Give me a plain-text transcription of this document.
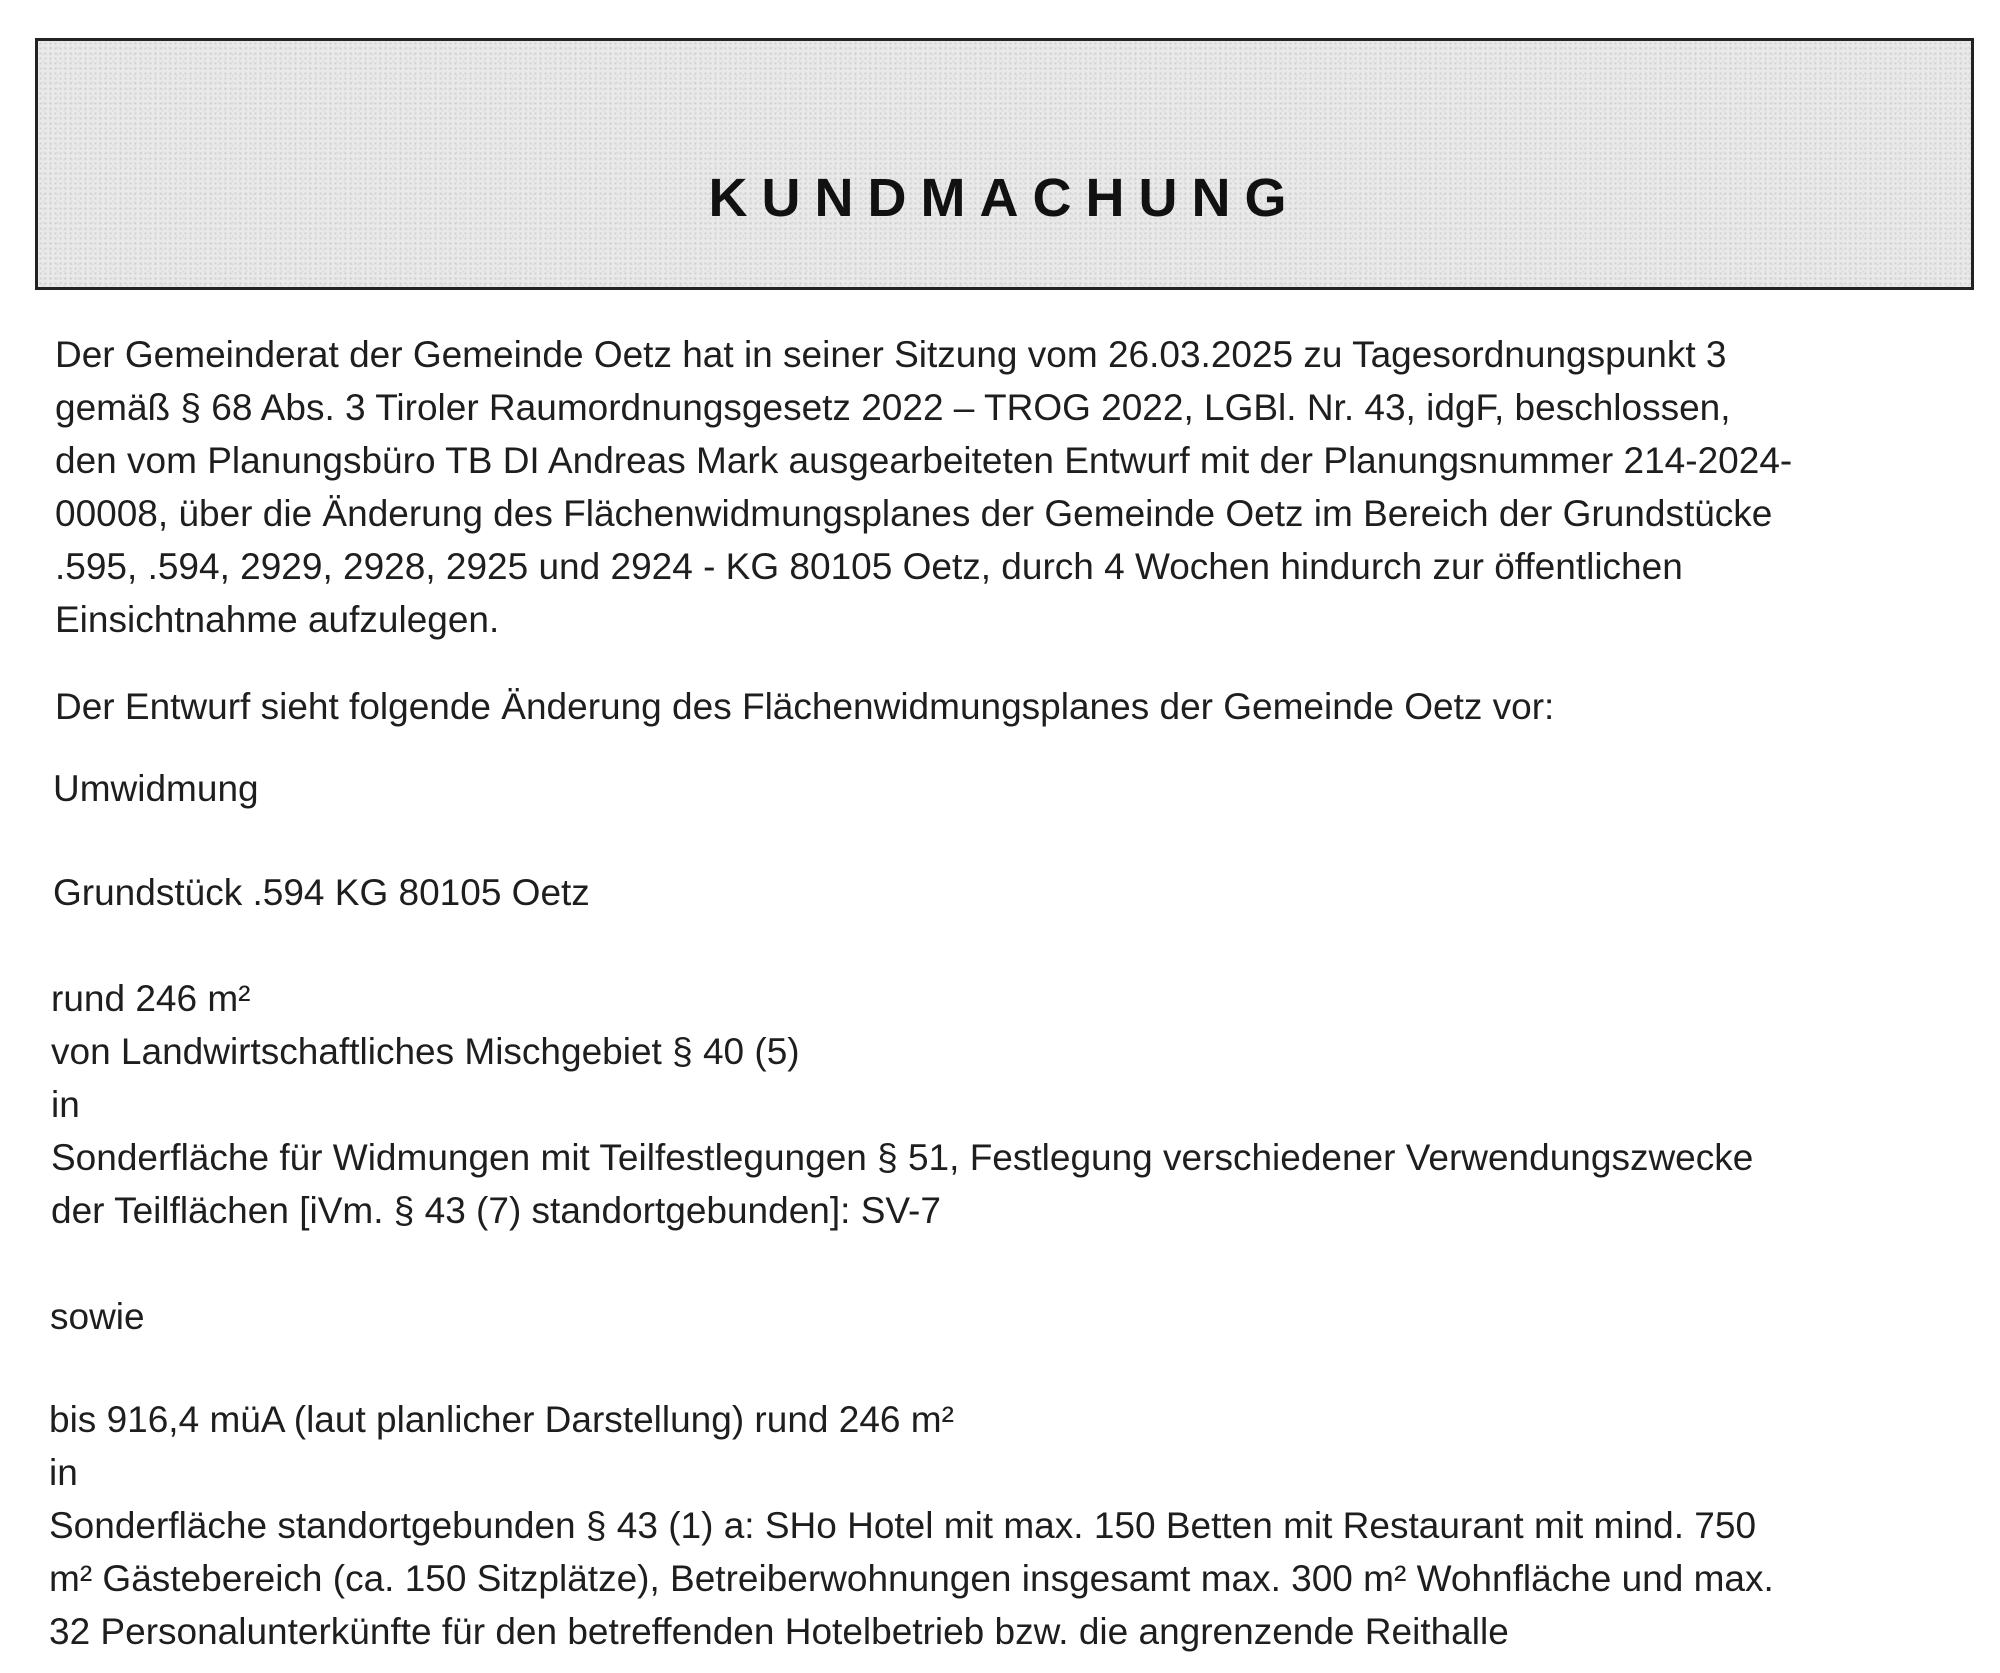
KUNDMACHUNG
Der Gemeinderat der Gemeinde Oetz hat in seiner Sitzung vom 26.03.2025 zu Tagesordnungspunkt 3
gemäß § 68 Abs. 3 Tiroler Raumordnungsgesetz 2022 – TROG 2022, LGBl. Nr. 43, idgF, beschlossen,
den vom Planungsbüro TB DI Andreas Mark ausgearbeiteten Entwurf mit der Planungsnummer 214-2024-
00008, über die Änderung des Flächenwidmungsplanes der Gemeinde Oetz im Bereich der Grundstücke
.595, .594, 2929, 2928, 2925 und 2924 - KG 80105 Oetz, durch 4 Wochen hindurch zur öffentlichen
Einsichtnahme aufzulegen.
Der Entwurf sieht folgende Änderung des Flächenwidmungsplanes der Gemeinde Oetz vor:
Umwidmung
Grundstück .594 KG 80105 Oetz
rund 246 m²
von Landwirtschaftliches Mischgebiet § 40 (5)
in
Sonderfläche für Widmungen mit Teilfestlegungen § 51, Festlegung verschiedener Verwendungszwecke
der Teilflächen [iVm. § 43 (7) standortgebunden]: SV-7
sowie
bis 916,4 müA (laut planlicher Darstellung) rund 246 m²
in
Sonderfläche standortgebunden § 43 (1) a: SHo Hotel mit max. 150 Betten mit Restaurant mit mind. 750
m² Gästebereich (ca. 150 Sitzplätze), Betreiberwohnungen insgesamt max. 300 m² Wohnfläche und max.
32 Personalunterkünfte für den betreffenden Hotelbetrieb bzw. die angrenzende Reithalle
